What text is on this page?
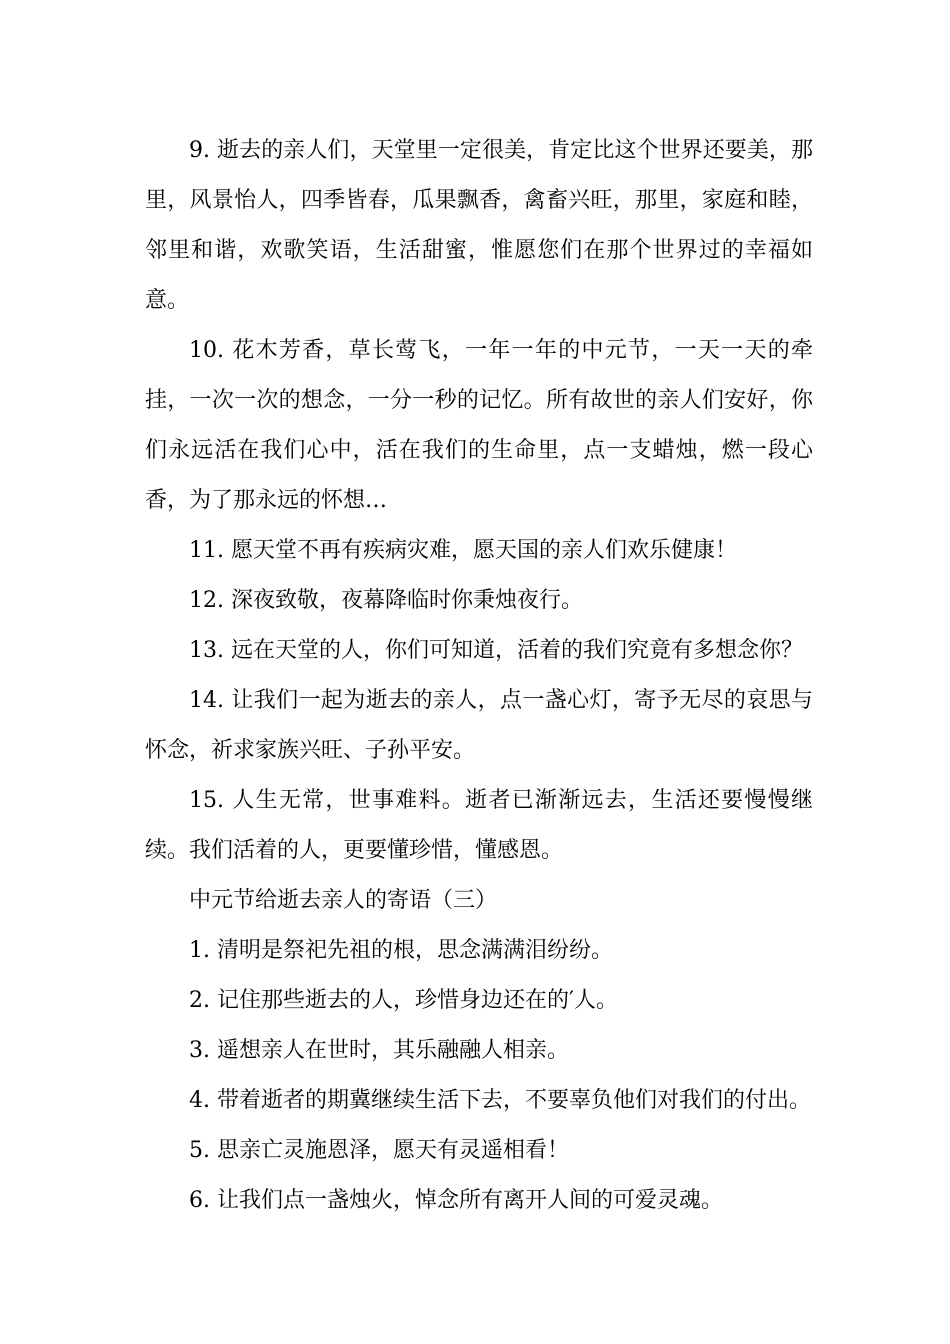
9. 逝去的亲人们，天堂里一定很美，肯定比这个世界还要美，那里，风景怡人，四季皆春，瓜果飘香，禽畜兴旺，那里，家庭和睦，邻里和谐，欢歌笑语，生活甜蜜，惟愿您们在那个世界过的幸福如意。

10. 花木芳香，草长莺飞，一年一年的中元节，一天一天的牵挂，一次一次的想念，一分一秒的记忆。所有故世的亲人们安好，你们永远活在我们心中，活在我们的生命里，点一支蜡烛，燃一段心香，为了那永远的怀想…

11. 愿天堂不再有疾病灾难，愿天国的亲人们欢乐健康！

12. 深夜致敬，夜幕降临时你秉烛夜行。

13. 远在天堂的人，你们可知道，活着的我们究竟有多想念你？

14. 让我们一起为逝去的亲人，点一盏心灯，寄予无尽的哀思与怀念，祈求家族兴旺、子孙平安。

15. 人生无常，世事难料。逝者已渐渐远去，生活还要慢慢继续。我们活着的人，更要懂珍惜，懂感恩。

中元节给逝去亲人的寄语（三）

1. 清明是祭祀先祖的根，思念满满泪纷纷。

2. 记住那些逝去的人，珍惜身边还在的′人。

3. 遥想亲人在世时，其乐融融人相亲。

4. 带着逝者的期冀继续生活下去，不要辜负他们对我们的付出。

5. 思亲亡灵施恩泽，愿天有灵遥相看！

6. 让我们点一盏烛火，悼念所有离开人间的可爱灵魂。
